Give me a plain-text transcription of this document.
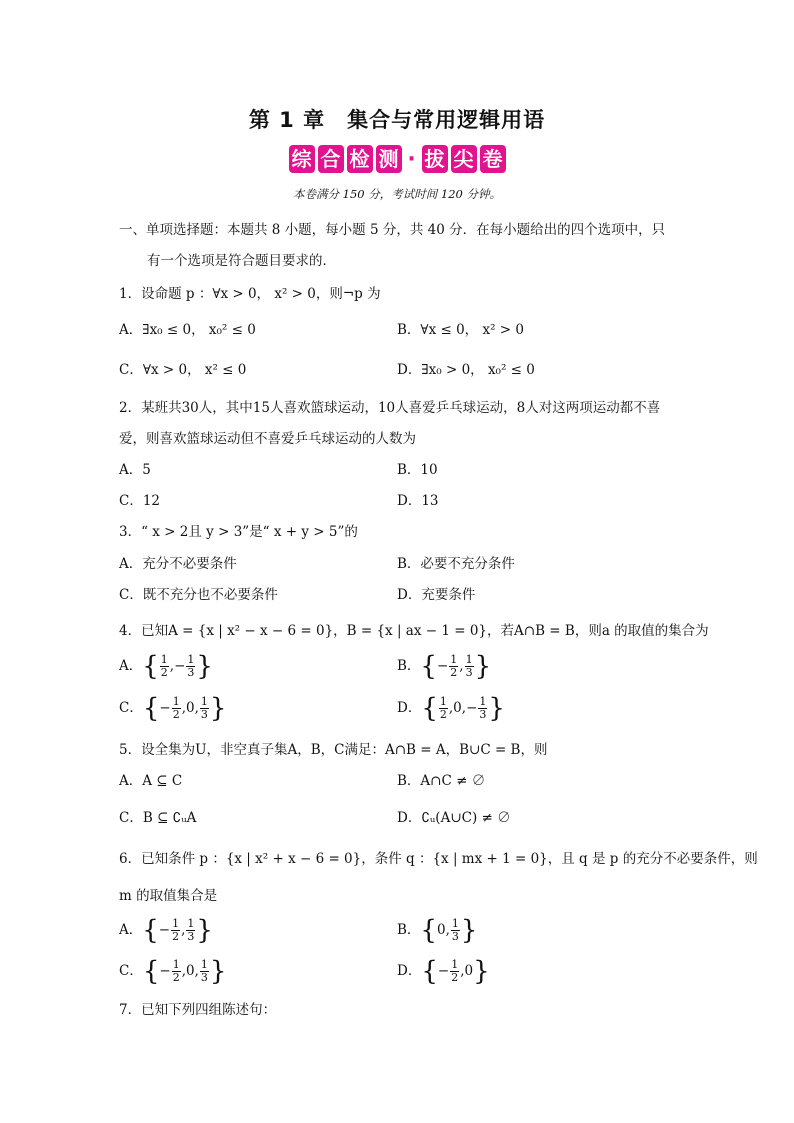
第 1 章　集合与常用逻辑用语
综 合 检 测 · 拔 尖 卷
本卷满分 150 分，考试时间 120 分钟。
一、单项选择题：本题共 8 小题，每小题 5 分，共 40 分．在每小题给出的四个选项中，只
有一个选项是符合题目要求的．
1．设命题 p ：∀x > 0， x² > 0，则¬p 为
A．∃x₀ ≤ 0， x₀² ≤ 0	B．∀x ≤ 0， x² > 0
C．∀x > 0， x² ≤ 0	D．∃x₀ > 0， x₀² ≤ 0
2．某班共30人，其中15人喜欢篮球运动，10人喜爱乒乓球运动，8人对这两项运动都不喜
爱，则喜欢篮球运动但不喜爱乒乓球运动的人数为
A．5	B．10
C．12	D．13
3．“ x > 2且 y > 3”是“ x + y > 5”的
A．充分不必要条件	B．必要不充分条件
C．既不充分也不必要条件	D．充要条件
4．已知A = {x | x² − x − 6 = 0}，B = {x | ax − 1 = 0}，若A∩B = B，则a 的取值的集合为
A．{ $\frac{1}{2}$ ,− $\frac{1}{3}$ }	B．{− $\frac{1}{2}$ , $\frac{1}{3}$ }
C．{− $\frac{1}{2} ,0$, $\frac{1}{3}$ }	D．{ $\frac{1}{2} ,0,- \frac{1}{3}$ }
5．设全集为U，非空真子集A，B，C满足：A∩B = A，B∪C = B，则
A．A ⊆ C	B．A∩C ≠ ∅
C．B ⊆ ∁ᵤA	D．∁ᵤ(A∪C) ≠ ∅
6．已知条件 p ：{x | x² + x − 6 = 0}，条件 q ：{x | mx + 1 = 0}，且 q 是 p 的充分不必要条件，则
m 的取值集合是
A．{− $\frac{1}{2}$ , $\frac{1}{3}$ }	B．{0, $\frac{1}{3}$ }
C．{− $\frac{1}{2} ,0$, $\frac{1}{3}$ }	D．{− $\frac{1}{2} ,0$}
7．已知下列四组陈述句：
